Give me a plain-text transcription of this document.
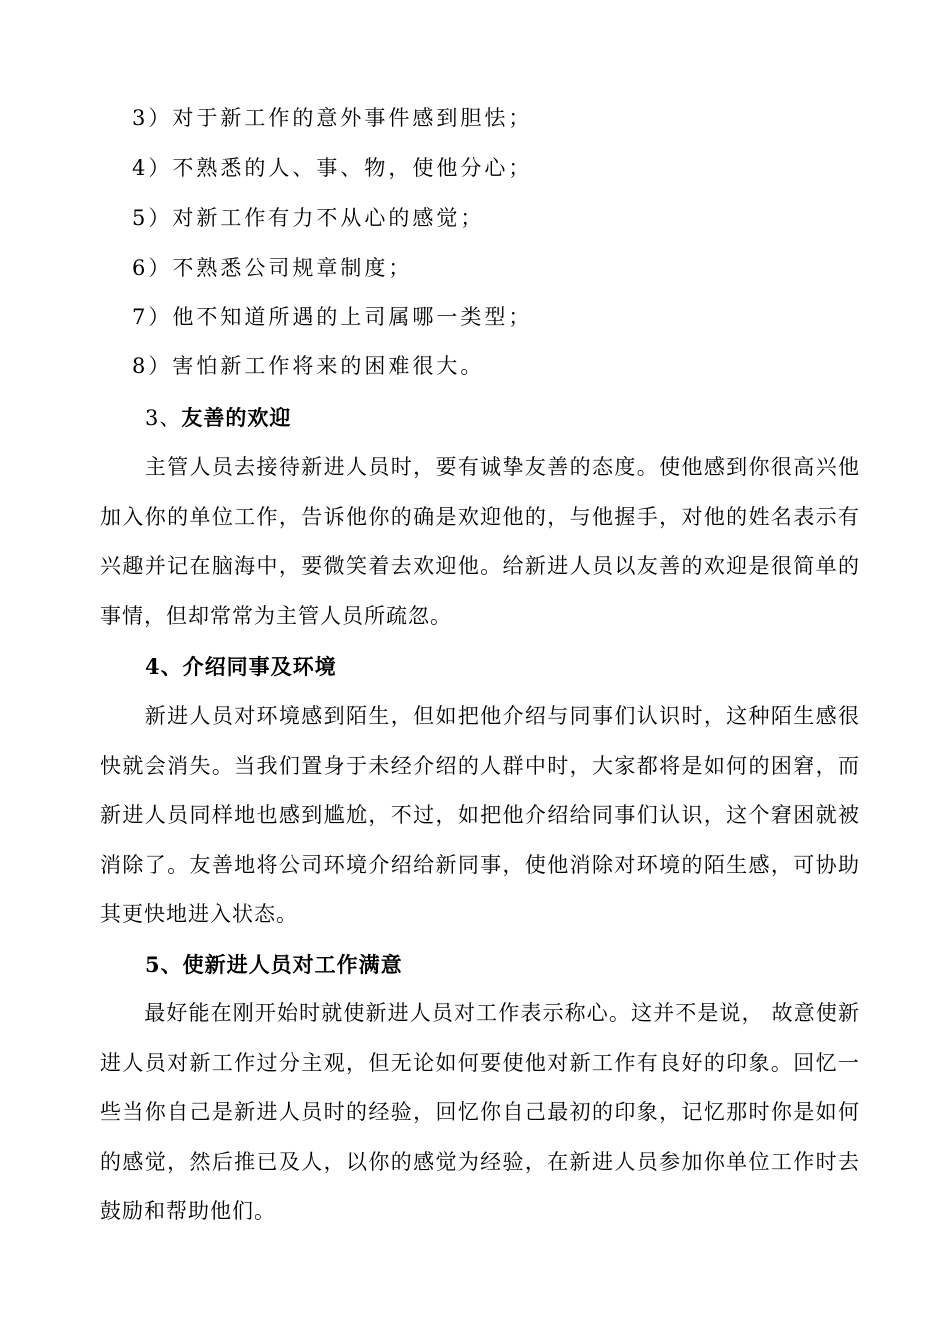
3）对于新工作的意外事件感到胆怯；
4）不熟悉的人、事、物，使他分心；
5）对新工作有力不从心的感觉；
6）不熟悉公司规章制度；
7）他不知道所遇的上司属哪一类型；
8）害怕新工作将来的困难很大。
3、友善的欢迎
　　主管人员去接待新进人员时，要有诚挚友善的态度。使他感到你很高兴他加入你的单位工作，告诉他你的确是欢迎他的，与他握手，对他的姓名表示有兴趣并记在脑海中，要微笑着去欢迎他。给新进人员以友善的欢迎是很简单的事情，但却常常为主管人员所疏忽。
4、介绍同事及环境
　　新进人员对环境感到陌生，但如把他介绍与同事们认识时，这种陌生感很快就会消失。当我们置身于未经介绍的人群中时，大家都将是如何的困窘，而新进人员同样地也感到尴尬，不过，如把他介绍给同事们认识，这个窘困就被消除了。友善地将公司环境介绍给新同事，使他消除对环境的陌生感，可协助其更快地进入状态。
5、使新进人员对工作满意
　　最好能在刚开始时就使新进人员对工作表示称心。这并不是说， 故意使新进人员对新工作过分主观，但无论如何要使他对新工作有良好的印象。回忆一些当你自己是新进人员时的经验，回忆你自己最初的印象，记忆那时你是如何的感觉，然后推已及人，以你的感觉为经验，在新进人员参加你单位工作时去鼓励和帮助他们。
